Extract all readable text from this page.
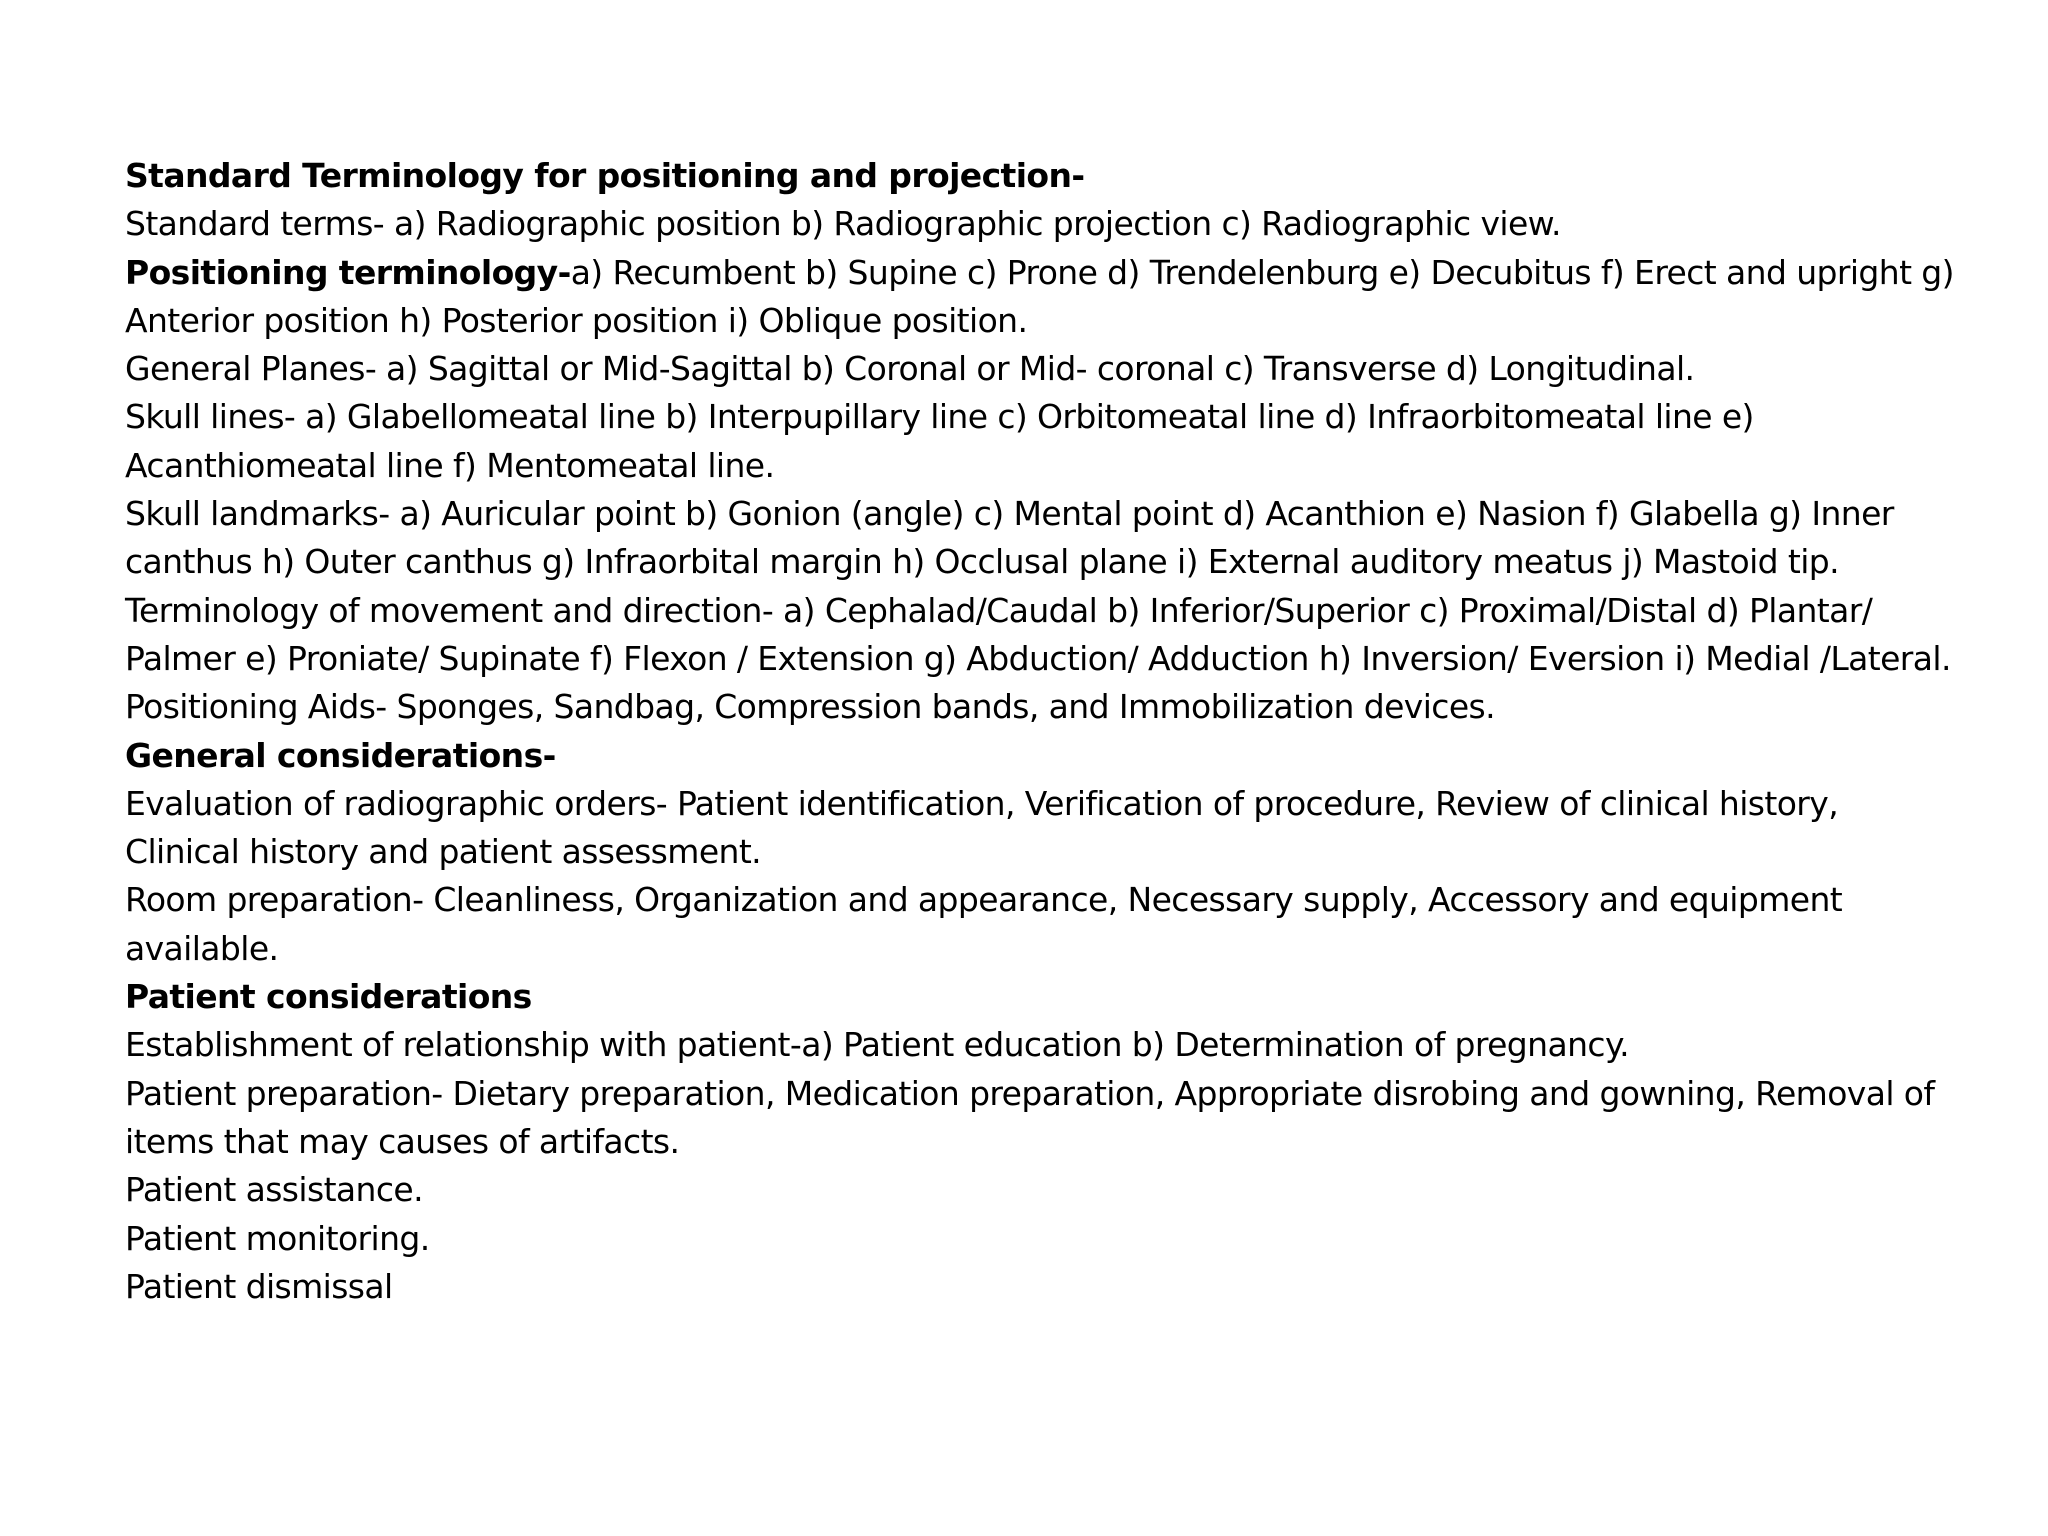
Standard Terminology for positioning and projection-

Standard terms- a) Radiographic position b) Radiographic projection c) Radiographic view.

Positioning terminology-a) Recumbent b) Supine c) Prone d) Trendelenburg e) Decubitus f) Erect and upright g) Anterior position h) Posterior position i) Oblique position.

General Planes- a) Sagittal or Mid-Sagittal b) Coronal or Mid- coronal c) Transverse d) Longitudinal.

Skull lines- a) Glabellomeatal line b) Interpupillary line c) Orbitomeatal line d) Infraorbitomeatal line e) Acanthiomeatal line f) Mentomeatal line.

Skull landmarks- a) Auricular point b) Gonion (angle) c) Mental point d) Acanthion e) Nasion f) Glabella g) Inner canthus h) Outer canthus g) Infraorbital margin h) Occlusal plane i) External auditory meatus j) Mastoid tip.

Terminology of movement and direction- a) Cephalad/Caudal b) Inferior/Superior c) Proximal/Distal d) Plantar/ Palmer e) Proniate/ Supinate f) Flexon / Extension g) Abduction/ Adduction h) Inversion/ Eversion i) Medial /Lateral.

Positioning Aids- Sponges, Sandbag, Compression bands, and Immobilization devices.

General considerations-

Evaluation of radiographic orders- Patient identification, Verification of procedure, Review of clinical history, Clinical history and patient assessment.

Room preparation- Cleanliness, Organization and appearance, Necessary supply, Accessory and equipment available.

Patient considerations

Establishment of relationship with patient-a) Patient education b) Determination of pregnancy.

Patient preparation- Dietary preparation, Medication preparation, Appropriate disrobing and gowning, Removal of items that may causes of artifacts.

Patient assistance.

Patient monitoring.

Patient dismissal
